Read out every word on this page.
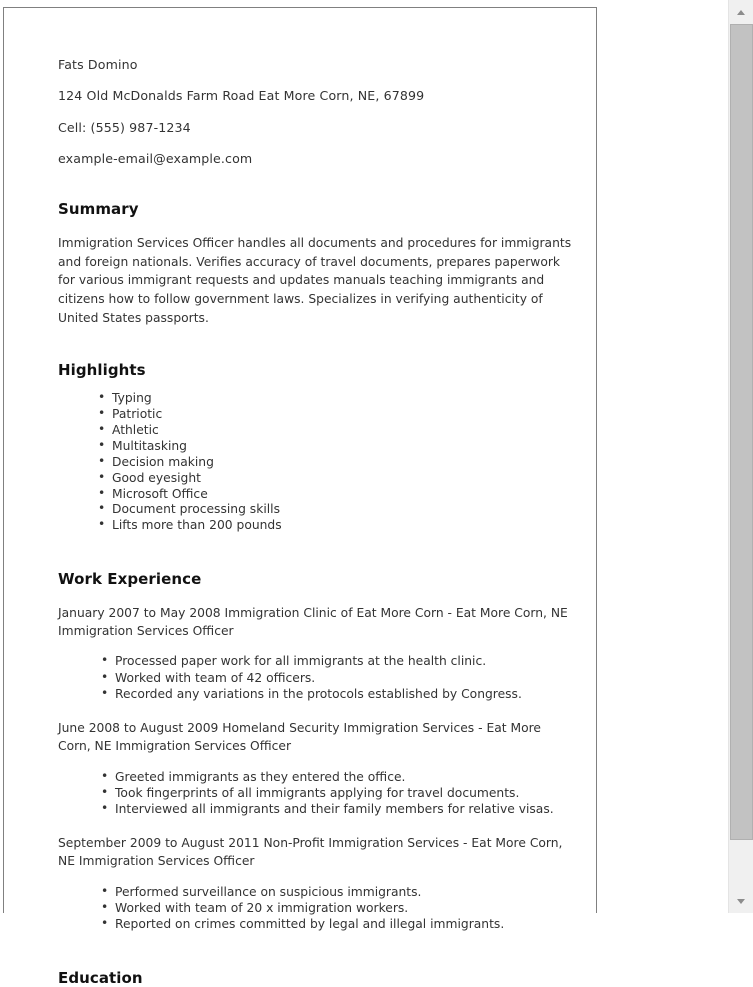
Fats Domino

124 Old McDonalds Farm Road Eat More Corn, NE, 67899

Cell: (555) 987-1234

example-email@example.com

Summary

Immigration Services Officer handles all documents and procedures for immigrants and foreign nationals. Verifies accuracy of travel documents, prepares paperwork for various immigrant requests and updates manuals teaching immigrants and citizens how to follow government laws. Specializes in verifying authenticity of United States passports.

Highlights
• Typing
• Patriotic
• Athletic
• Multitasking
• Decision making
• Good eyesight
• Microsoft Office
• Document processing skills
• Lifts more than 200 pounds
Work Experience

January 2007 to May 2008 Immigration Clinic of Eat More Corn - Eat More Corn, NE Immigration Services Officer

• Processed paper work for all immigrants at the health clinic.
• Worked with team of 42 officers.
• Recorded any variations in the protocols established by Congress.

June 2008 to August 2009 Homeland Security Immigration Services - Eat More Corn, NE Immigration Services Officer

• Greeted immigrants as they entered the office.
• Took fingerprints of all immigrants applying for travel documents.
• Interviewed all immigrants and their family members for relative visas.

September 2009 to August 2011 Non-Profit Immigration Services - Eat More Corn, NE Immigration Services Officer

• Performed surveillance on suspicious immigrants.
• Worked with team of 20 x immigration workers.
• Reported on crimes committed by legal and illegal immigrants.
Education
